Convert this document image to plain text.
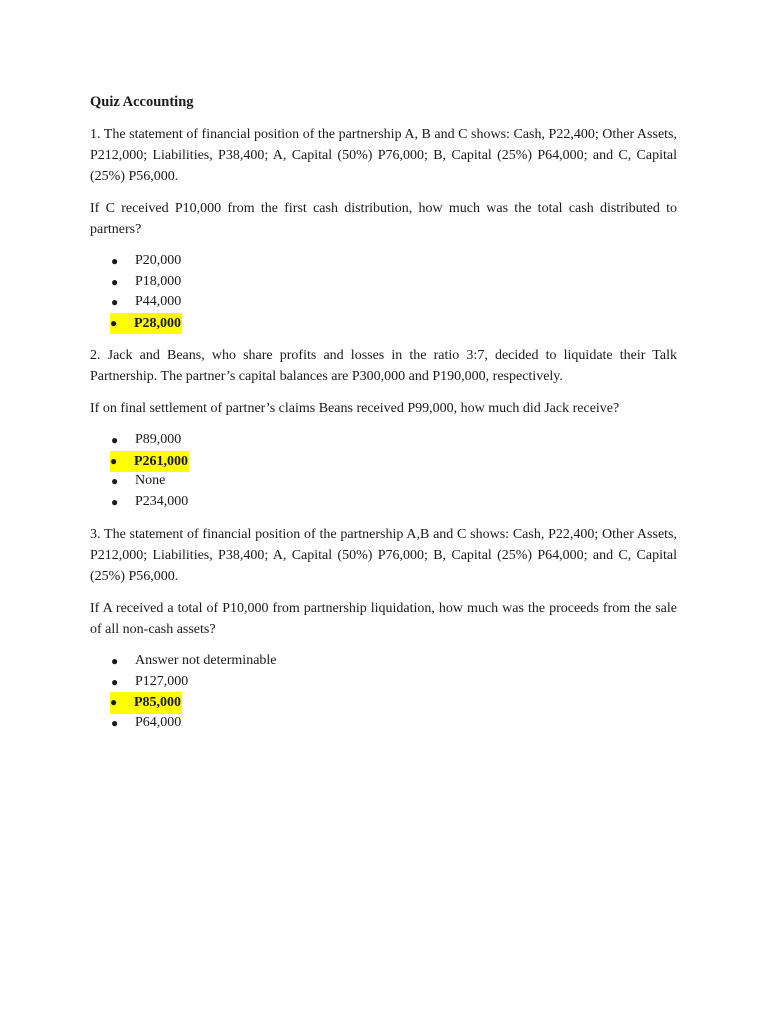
Quiz Accounting

1. The statement of financial position of the partnership A, B and C shows: Cash, P22,400; Other Assets, P212,000; Liabilities, P38,400; A, Capital (50%) P76,000; B, Capital (25%) P64,000; and C, Capital (25%) P56,000.

If C received P10,000 from the first cash distribution, how much was the total cash distributed to partners?

● P20,000
● P18,000
● P44,000
● P28,000

2. Jack and Beans, who share profits and losses in the ratio 3:7, decided to liquidate their Talk Partnership. The partner’s capital balances are P300,000 and P190,000, respectively.

If on final settlement of partner’s claims Beans received P99,000, how much did Jack receive?

● P89,000
● P261,000
● None
● P234,000

3. The statement of financial position of the partnership A,B and C shows: Cash, P22,400; Other Assets, P212,000; Liabilities, P38,400; A, Capital (50%) P76,000; B, Capital (25%) P64,000; and C, Capital (25%) P56,000.

If A received a total of P10,000 from partnership liquidation, how much was the proceeds from the sale of all non-cash assets?

● Answer not determinable
● P127,000
● P85,000
● P64,000
